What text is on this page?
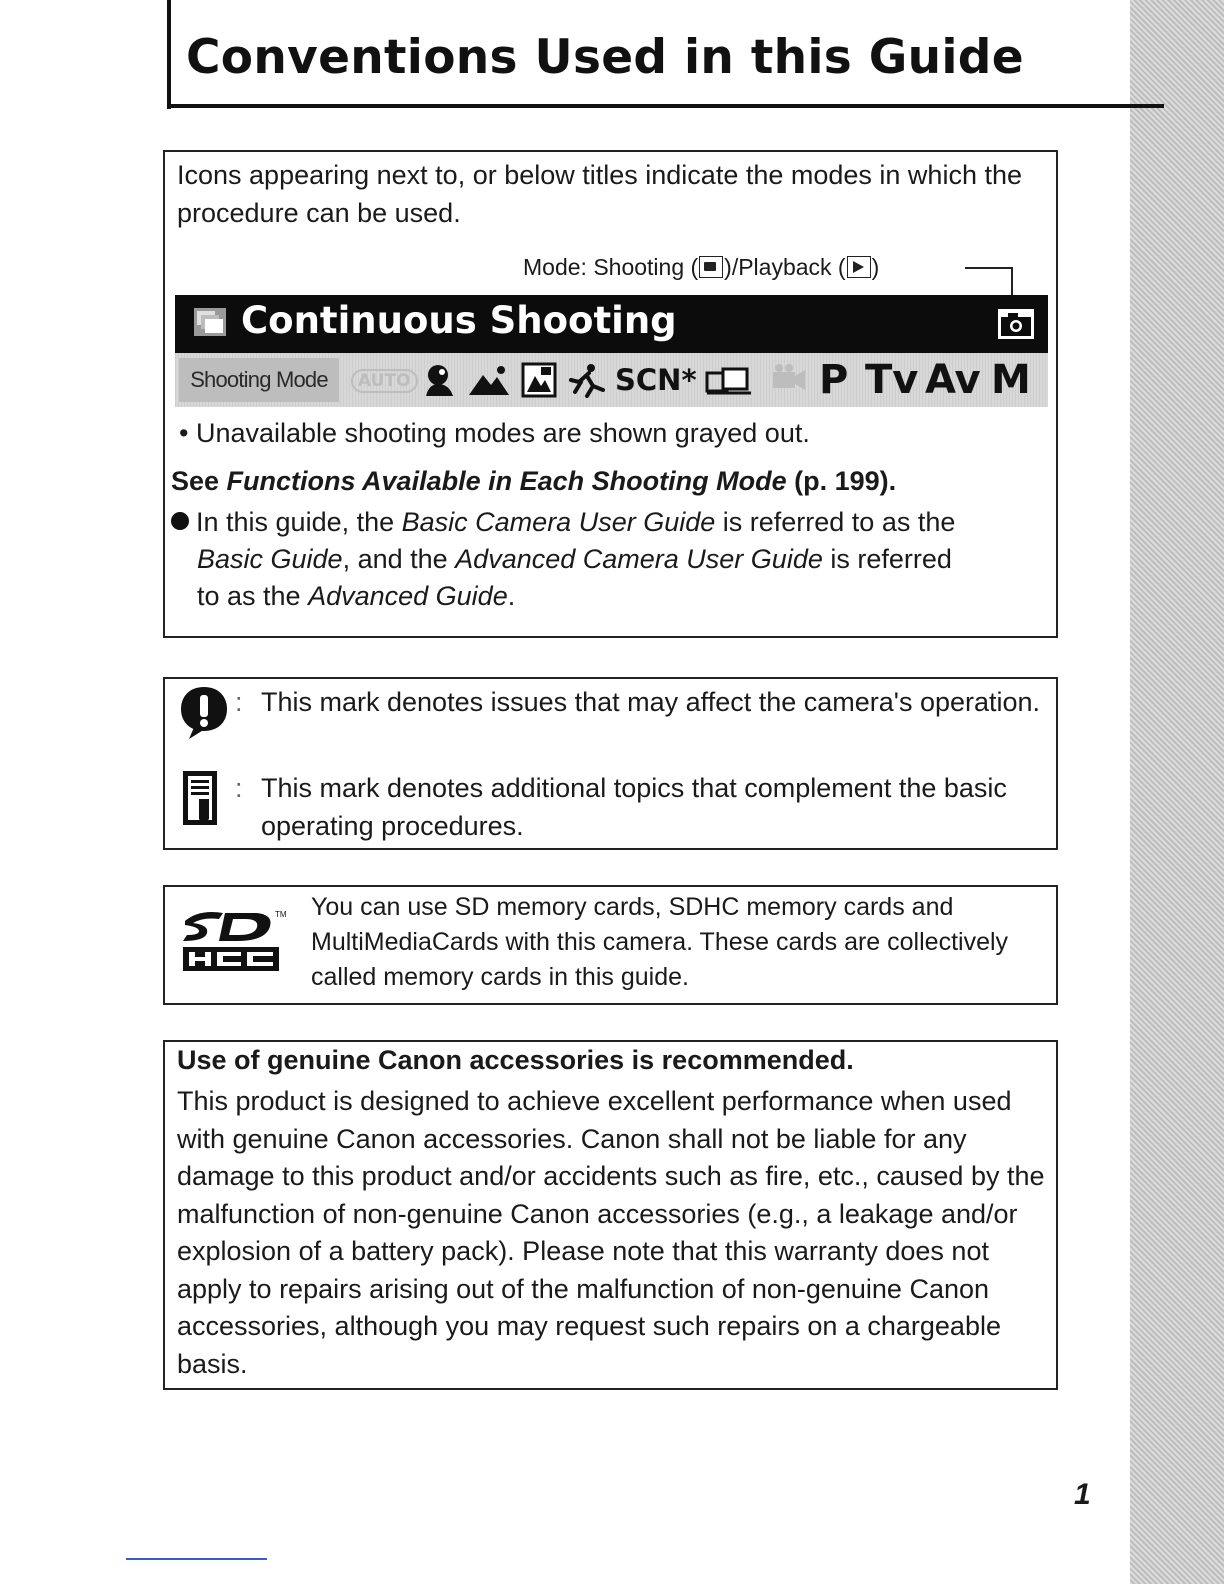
Conventions Used in this Guide

Icons appearing next to, or below titles indicate the modes in which the procedure can be used.

Mode: Shooting ( )/Playback ( )
Continuous Shooting
Shooting Mode	AUTO	SCN*	P Tv Av M

• Unavailable shooting modes are shown grayed out.

See Functions Available in Each Shooting Mode (p. 199).

In this guide, the Basic Camera User Guide is referred to as the
Basic Guide, and the Advanced Camera User Guide is referred
to as the Advanced Guide.

: This mark denotes issues that may affect the camera's operation.

: This mark denotes additional topics that complement the basic operating procedures.

TM You can use SD memory cards, SDHC memory cards and MultiMediaCards with this camera. These cards are collectively called memory cards in this guide.

Use of genuine Canon accessories is recommended.

This product is designed to achieve excellent performance when used with genuine Canon accessories. Canon shall not be liable for any damage to this product and/or accidents such as fire, etc., caused by the malfunction of non-genuine Canon accessories (e.g., a leakage and/or explosion of a battery pack). Please note that this warranty does not apply to repairs arising out of the malfunction of non-genuine Canon accessories, although you may request such repairs on a chargeable basis.

1
